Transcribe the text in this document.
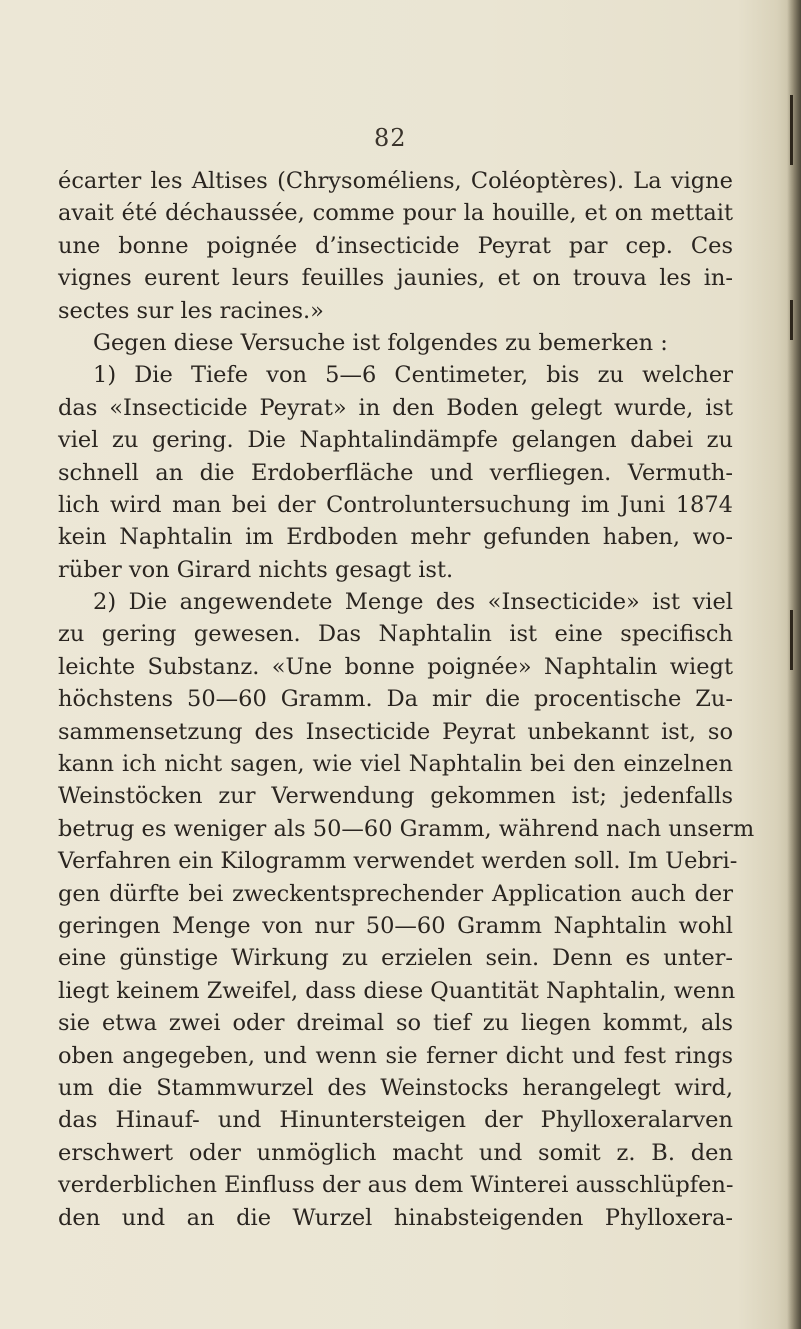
82
écarter les Altises (Chrysoméliens, Coléoptères). La vigne
avait été déchaussée, comme pour la houille, et on mettait
une bonne poignée d’insecticide Peyrat par cep. Ces
vignes eurent leurs feuilles jaunies, et on trouva les in-
sectes sur les racines.»
Gegen diese Versuche ist folgendes zu bemerken :
1) Die Tiefe von 5—6 Centimeter, bis zu welcher
das «Insecticide Peyrat» in den Boden gelegt wurde, ist
viel zu gering. Die Naphtalindämpfe gelangen dabei zu
schnell an die Erdoberfläche und verfliegen. Vermuth-
lich wird man bei der Controluntersuchung im Juni 1874
kein Naphtalin im Erdboden mehr gefunden haben, wo-
rüber von Girard nichts gesagt ist.
2) Die angewendete Menge des «Insecticide» ist viel
zu gering gewesen. Das Naphtalin ist eine specifisch
leichte Substanz. «Une bonne poignée» Naphtalin wiegt
höchstens 50—60 Gramm. Da mir die procentische Zu-
sammensetzung des Insecticide Peyrat unbekannt ist, so
kann ich nicht sagen, wie viel Naphtalin bei den einzelnen
Weinstöcken zur Verwendung gekommen ist; jedenfalls
betrug es weniger als 50—60 Gramm, während nach unserm
Verfahren ein Kilogramm verwendet werden soll. Im Uebri-
gen dürfte bei zweckentsprechender Application auch der
geringen Menge von nur 50—60 Gramm Naphtalin wohl
eine günstige Wirkung zu erzielen sein. Denn es unter-
liegt keinem Zweifel, dass diese Quantität Naphtalin, wenn
sie etwa zwei oder dreimal so tief zu liegen kommt, als
oben angegeben, und wenn sie ferner dicht und fest rings
um die Stammwurzel des Weinstocks herangelegt wird,
das Hinauf- und Hinuntersteigen der Phylloxeralarven
erschwert oder unmöglich macht und somit z. B. den
verderblichen Einfluss der aus dem Winterei ausschlüpfen-
den und an die Wurzel hinabsteigenden Phylloxera-
